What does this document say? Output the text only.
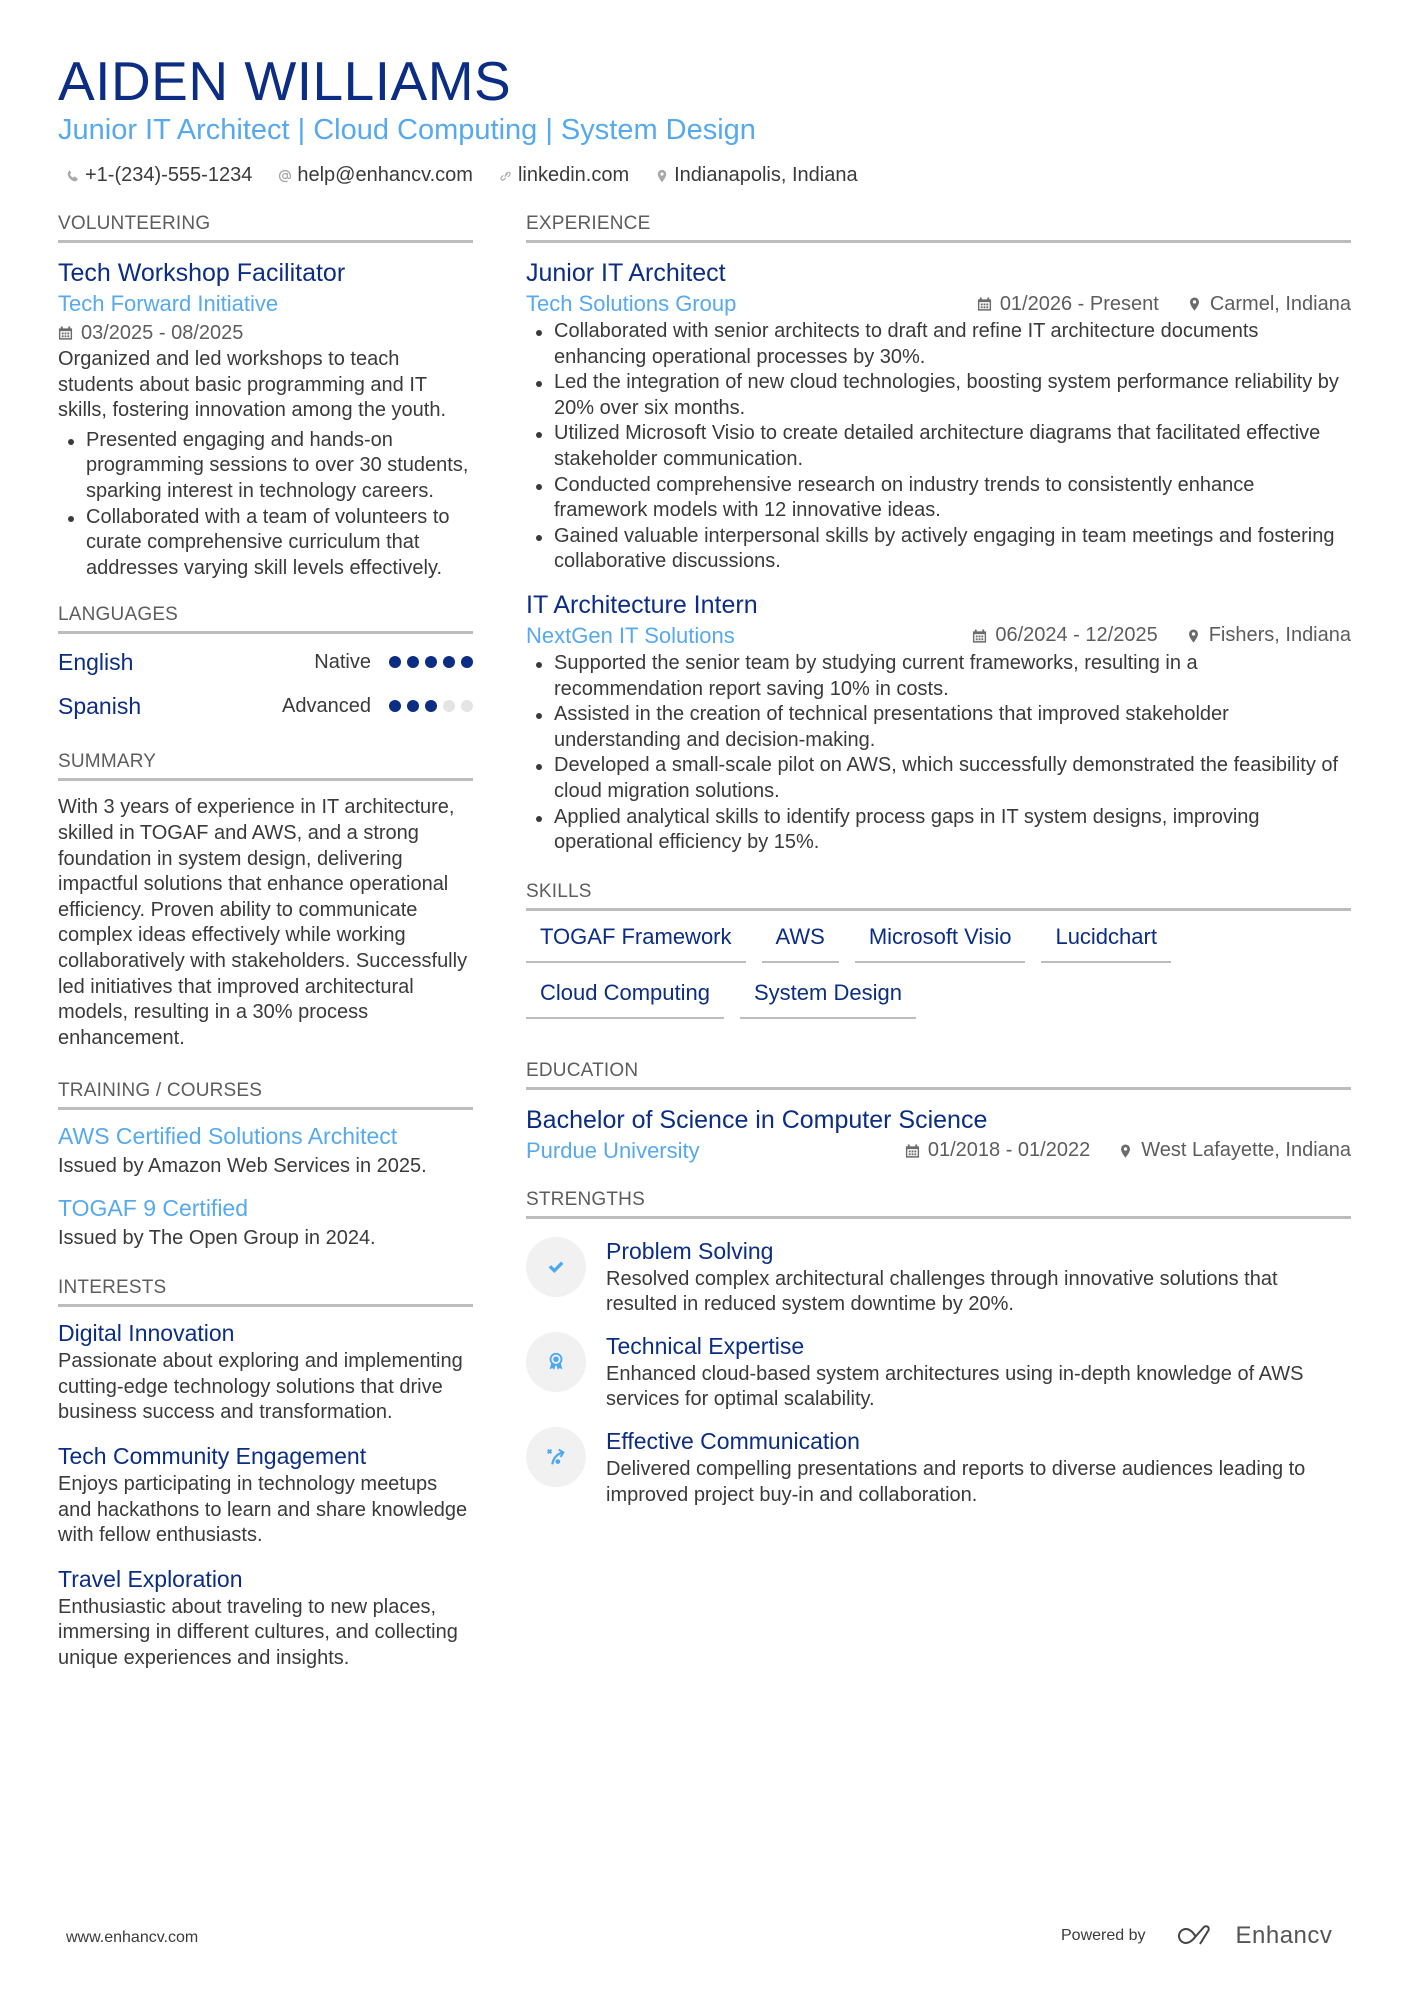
AIDEN WILLIAMS
Junior IT Architect | Cloud Computing | System Design
+1-(234)-555-1234 help@enhancv.com linkedin.com Indianapolis, Indiana
VOLUNTEERING
Tech Workshop Facilitator
Tech Forward Initiative
03/2025 - 08/2025
Organized and led workshops to teach students about basic programming and IT skills, fostering innovation among the youth.
Presented engaging and hands-on programming sessions to over 30 students, sparking interest in technology careers.
Collaborated with a team of volunteers to curate comprehensive curriculum that addresses varying skill levels effectively.
LANGUAGES
English	Native
Spanish	Advanced
SUMMARY
With 3 years of experience in IT architecture, skilled in TOGAF and AWS, and a strong foundation in system design, delivering impactful solutions that enhance operational efficiency. Proven ability to communicate complex ideas effectively while working collaboratively with stakeholders. Successfully led initiatives that improved architectural models, resulting in a 30% process enhancement.
TRAINING / COURSES
AWS Certified Solutions Architect
Issued by Amazon Web Services in 2025.
TOGAF 9 Certified
Issued by The Open Group in 2024.
INTERESTS
Digital Innovation
Passionate about exploring and implementing cutting-edge technology solutions that drive business success and transformation.
Tech Community Engagement
Enjoys participating in technology meetups and hackathons to learn and share knowledge with fellow enthusiasts.
Travel Exploration
Enthusiastic about traveling to new places, immersing in different cultures, and collecting unique experiences and insights.
EXPERIENCE
Junior IT Architect
Tech Solutions Group	01/2026 - Present	Carmel, Indiana
Collaborated with senior architects to draft and refine IT architecture documents enhancing operational processes by 30%.
Led the integration of new cloud technologies, boosting system performance reliability by 20% over six months.
Utilized Microsoft Visio to create detailed architecture diagrams that facilitated effective stakeholder communication.
Conducted comprehensive research on industry trends to consistently enhance framework models with 12 innovative ideas.
Gained valuable interpersonal skills by actively engaging in team meetings and fostering collaborative discussions.
IT Architecture Intern
NextGen IT Solutions	06/2024 - 12/2025	Fishers, Indiana
Supported the senior team by studying current frameworks, resulting in a recommendation report saving 10% in costs.
Assisted in the creation of technical presentations that improved stakeholder understanding and decision-making.
Developed a small-scale pilot on AWS, which successfully demonstrated the feasibility of cloud migration solutions.
Applied analytical skills to identify process gaps in IT system designs, improving operational efficiency by 15%.
SKILLS
TOGAF Framework	AWS	Microsoft Visio	Lucidchart
Cloud Computing	System Design
EDUCATION
Bachelor of Science in Computer Science
Purdue University	01/2018 - 01/2022	West Lafayette, Indiana
STRENGTHS
Problem Solving
Resolved complex architectural challenges through innovative solutions that resulted in reduced system downtime by 20%.
Technical Expertise
Enhanced cloud-based system architectures using in-depth knowledge of AWS services for optimal scalability.
Effective Communication
Delivered compelling presentations and reports to diverse audiences leading to improved project buy-in and collaboration.
www.enhancv.com	Powered by	Enhancv
